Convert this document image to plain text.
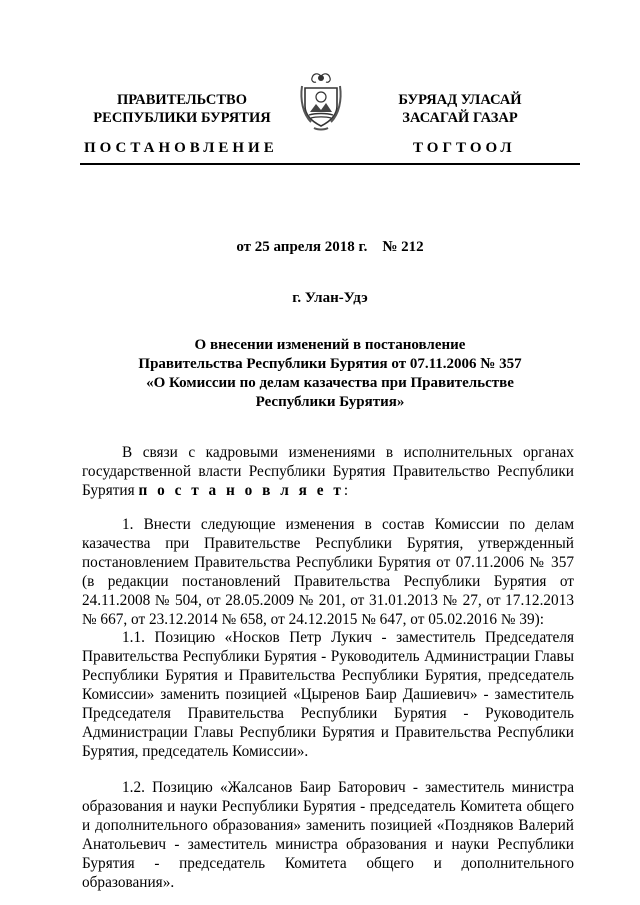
ПРАВИТЕЛЬСТВО
РЕСПУБЛИКИ БУРЯТИЯ
БУРЯАД УЛАСАЙ
ЗАСАГАЙ ГАЗАР
ПОСТАНОВЛЕНИЕ	ТОГТООЛ
от 25 апреля 2018 г.    № 212
г. Улан-Удэ
О внесении изменений в постановление
Правительства Республики Бурятия от 07.11.2006 № 357
«О Комиссии по делам казачества при Правительстве
Республики Бурятия»

В связи с кадровыми изменениями в исполнительных органах государственной власти Республики Бурятия Правительство Республики Бурятия п о с т а н о в л я е т:

1. Внести следующие изменения в состав Комиссии по делам казачества при Правительстве Республики Бурятия, утвержденный постановлением Правительства Республики Бурятия от 07.11.2006 № 357 (в редакции постановлений Правительства Республики Бурятия от 24.11.2008 № 504, от 28.05.2009 № 201, от 31.01.2013 № 27, от 17.12.2013 № 667, от 23.12.2014 № 658, от 24.12.2015 № 647, от 05.02.2016 № 39):

1.1. Позицию «Носков Петр Лукич - заместитель Председателя Правительства Республики Бурятия - Руководитель Администрации Главы Республики Бурятия и Правительства Республики Бурятия, председатель Комиссии» заменить позицией «Цыренов Баир Дашиевич» - заместитель Председателя Правительства Республики Бурятия - Руководитель Администрации Главы Республики Бурятия и Правительства Республики Бурятия, председатель Комиссии».

1.2. Позицию «Жалсанов Баир Баторович - заместитель министра образования и науки Республики Бурятия - председатель Комитета общего и дополнительного образования» заменить позицией «Поздняков Валерий Анатольевич - заместитель министра образования и науки Республики Бурятия - председатель Комитета общего и дополнительного образования».
